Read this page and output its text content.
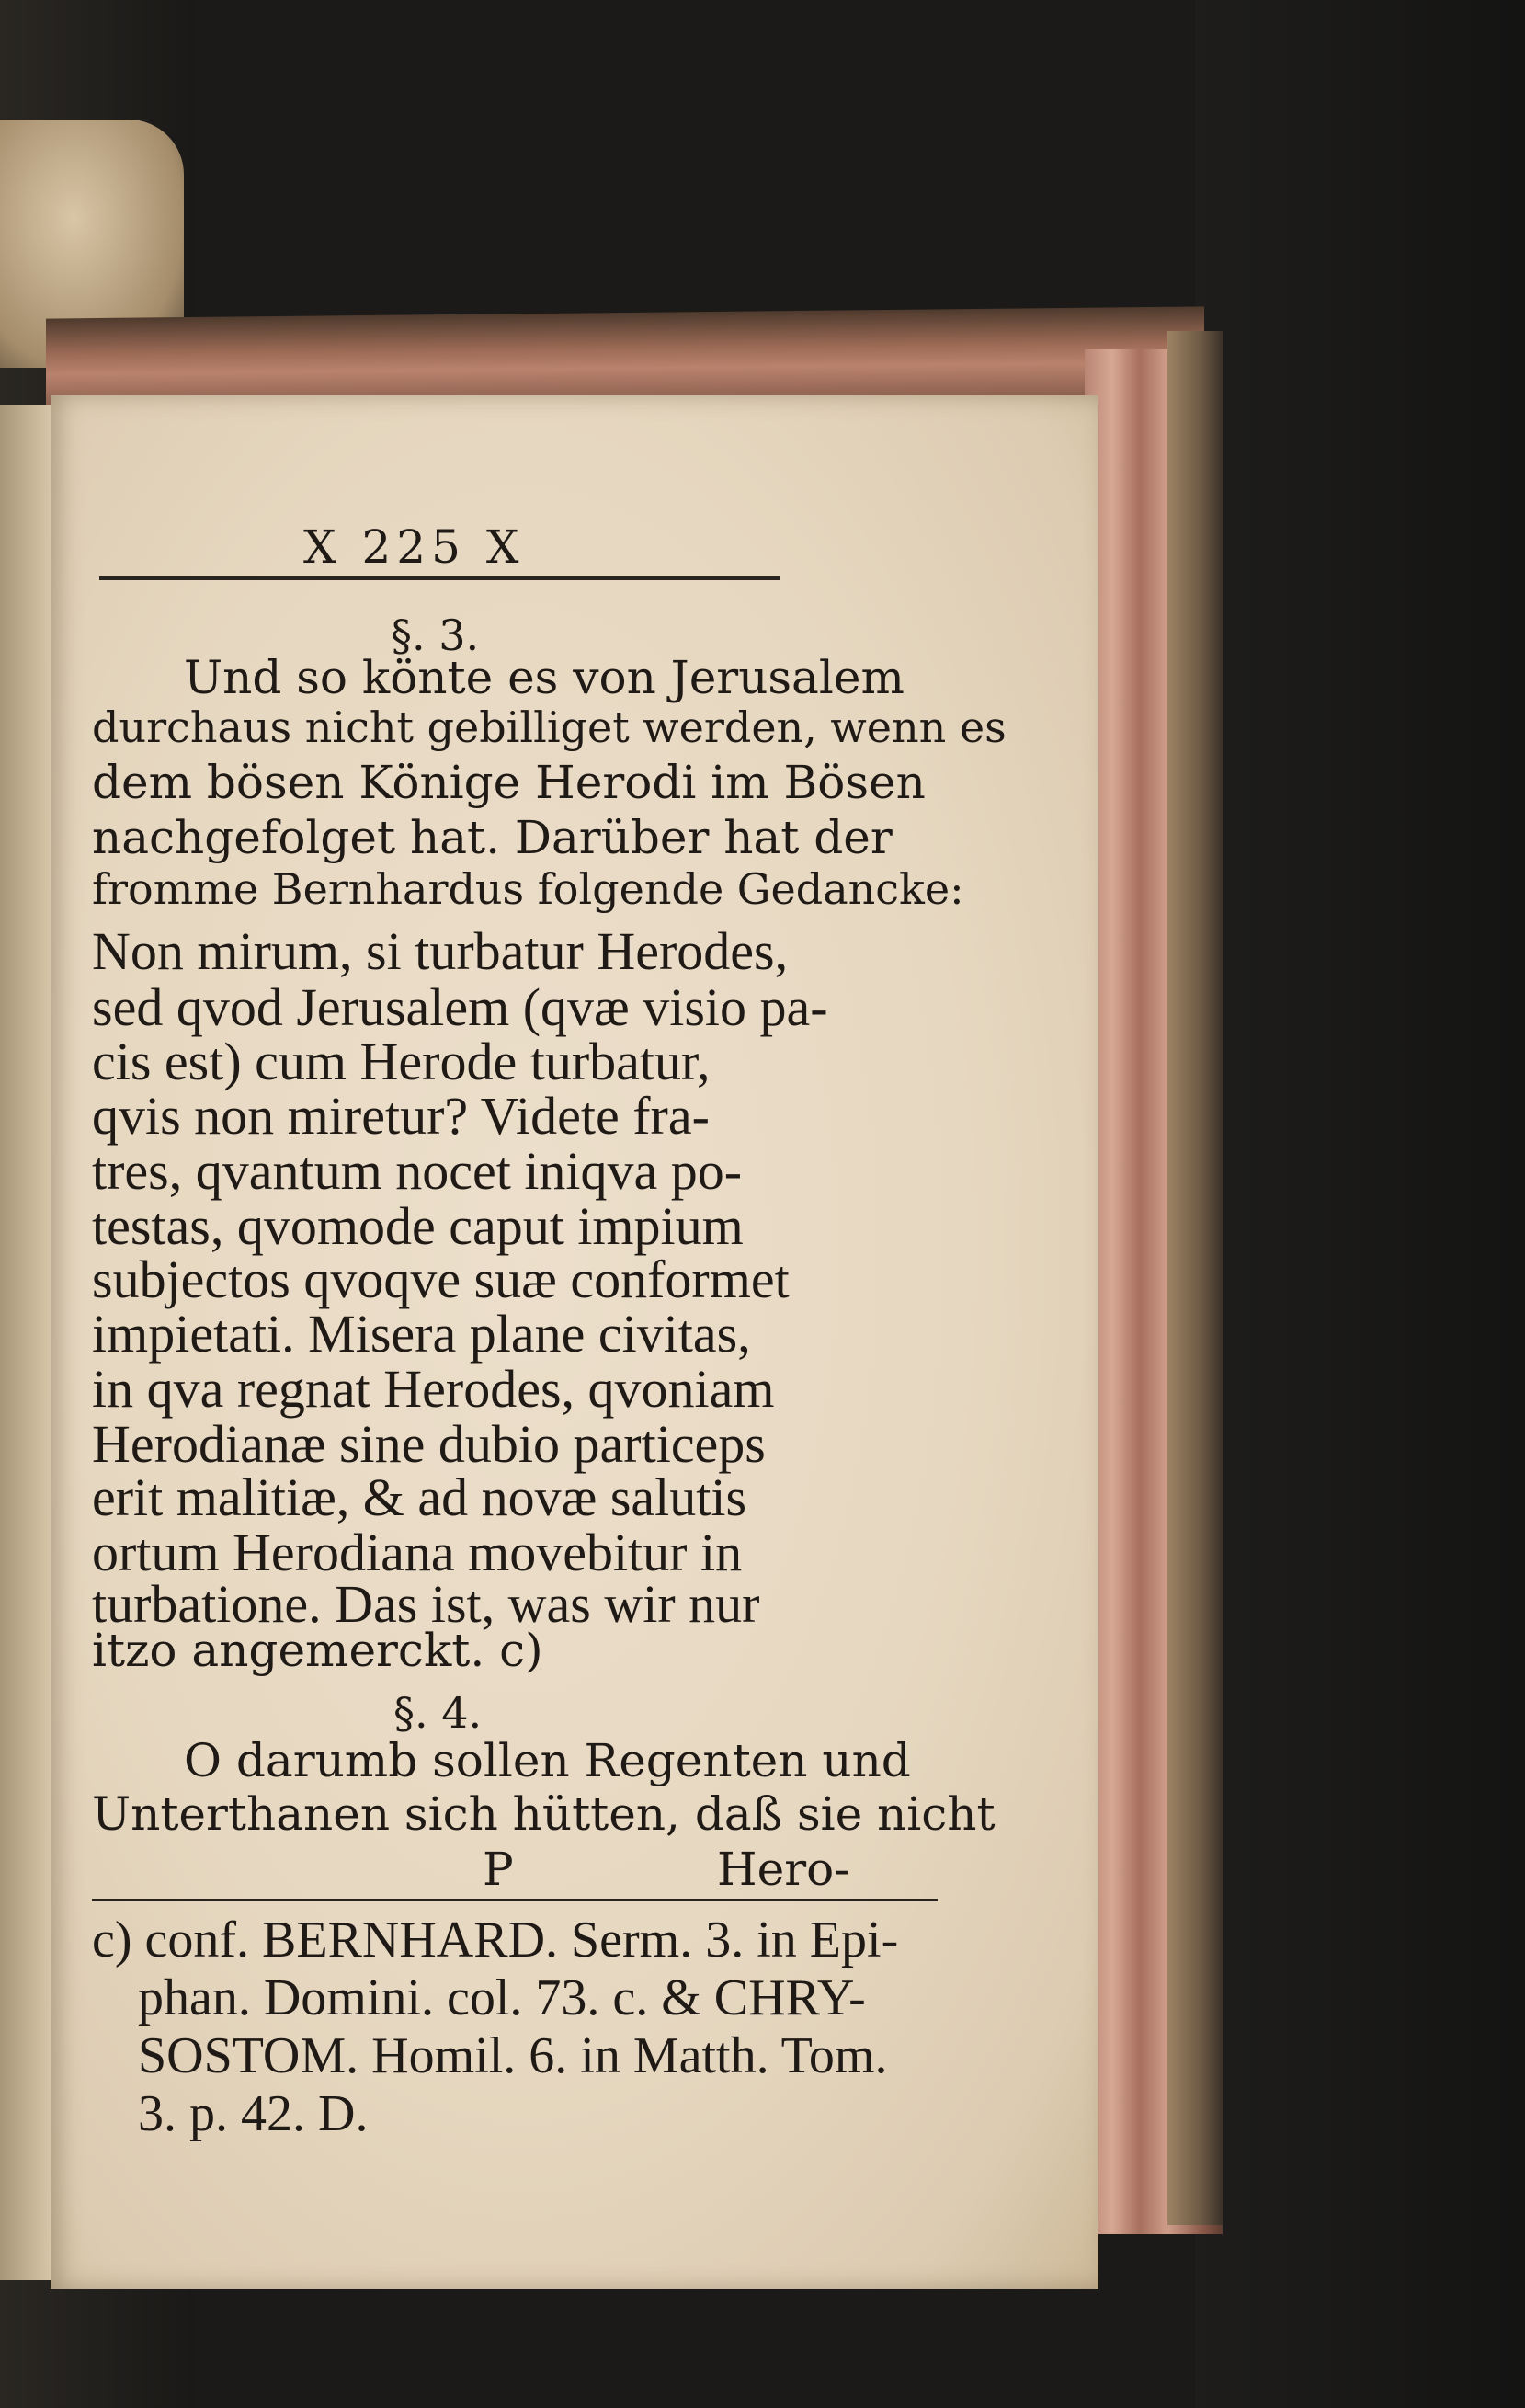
X 225 X
§. 3.
Und so könte es von Jerusalem
durchaus nicht gebilliget werden, wenn es
dem bösen Könige Herodi im Bösen
nachgefolget hat. Darüber hat der
fromme Bernhardus folgende Gedancke:
Non mirum, si turbatur Herodes,
sed qvod Jerusalem (qvæ visio pa-
cis est) cum Herode turbatur,
qvis non miretur? Videte fra-
tres, qvantum nocet iniqva po-
testas, qvomode caput impium
subjectos qvoqve suæ conformet
impietati. Misera plane civitas,
in qva regnat Herodes, qvoniam
Herodianæ sine dubio particeps
erit malitiæ, & ad novæ salutis
ortum Herodiana movebitur in
turbatione. Das ist, was wir nur
itzo angemerckt. c)
§. 4.
O darumb sollen Regenten und
Unterthanen sich hütten, daß sie nicht
P	Hero-
c) conf. BERNHARD. Serm. 3. in Epi-
phan. Domini. col. 73. c. & CHRY-
SOSTOM. Homil. 6. in Matth. Tom.
3. p. 42. D.
